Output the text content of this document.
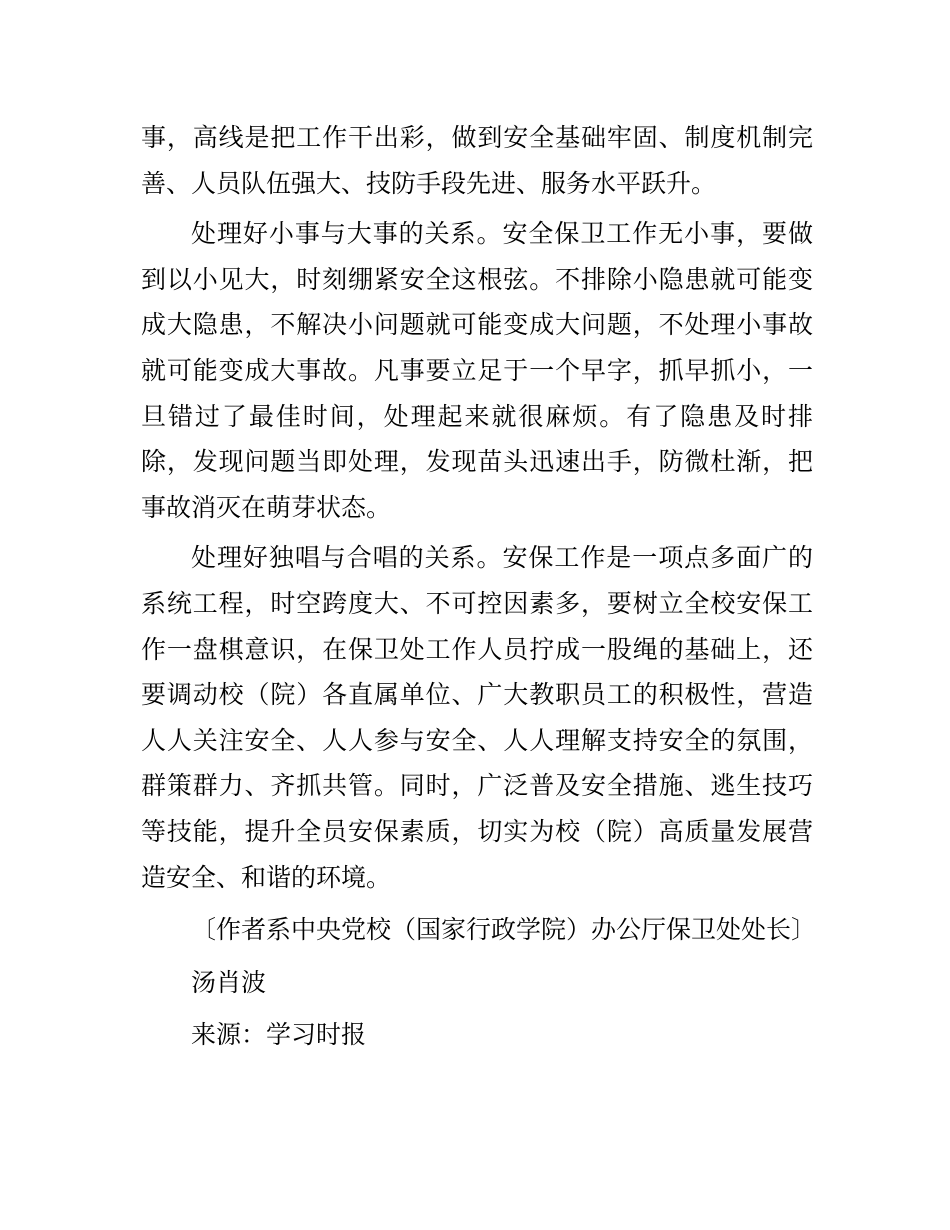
事，高线是把工作干出彩，做到安全基础牢固、制度机制完善、人员队伍强大、技防手段先进、服务水平跃升。

处理好小事与大事的关系。安全保卫工作无小事，要做到以小见大，时刻绷紧安全这根弦。不排除小隐患就可能变成大隐患，不解决小问题就可能变成大问题，不处理小事故就可能变成大事故。凡事要立足于一个早字，抓早抓小，一旦错过了最佳时间，处理起来就很麻烦。有了隐患及时排除，发现问题当即处理，发现苗头迅速出手，防微杜渐，把事故消灭在萌芽状态。

处理好独唱与合唱的关系。安保工作是一项点多面广的系统工程，时空跨度大、不可控因素多，要树立全校安保工作一盘棋意识，在保卫处工作人员拧成一股绳的基础上，还要调动校（院）各直属单位、广大教职员工的积极性，营造人人关注安全、人人参与安全、人人理解支持安全的氛围，群策群力、齐抓共管。同时，广泛普及安全措施、逃生技巧等技能，提升全员安保素质，切实为校（院）高质量发展营造安全、和谐的环境。

〔作者系中央党校（国家行政学院）办公厅保卫处处长〕

汤肖波

来源：学习时报
